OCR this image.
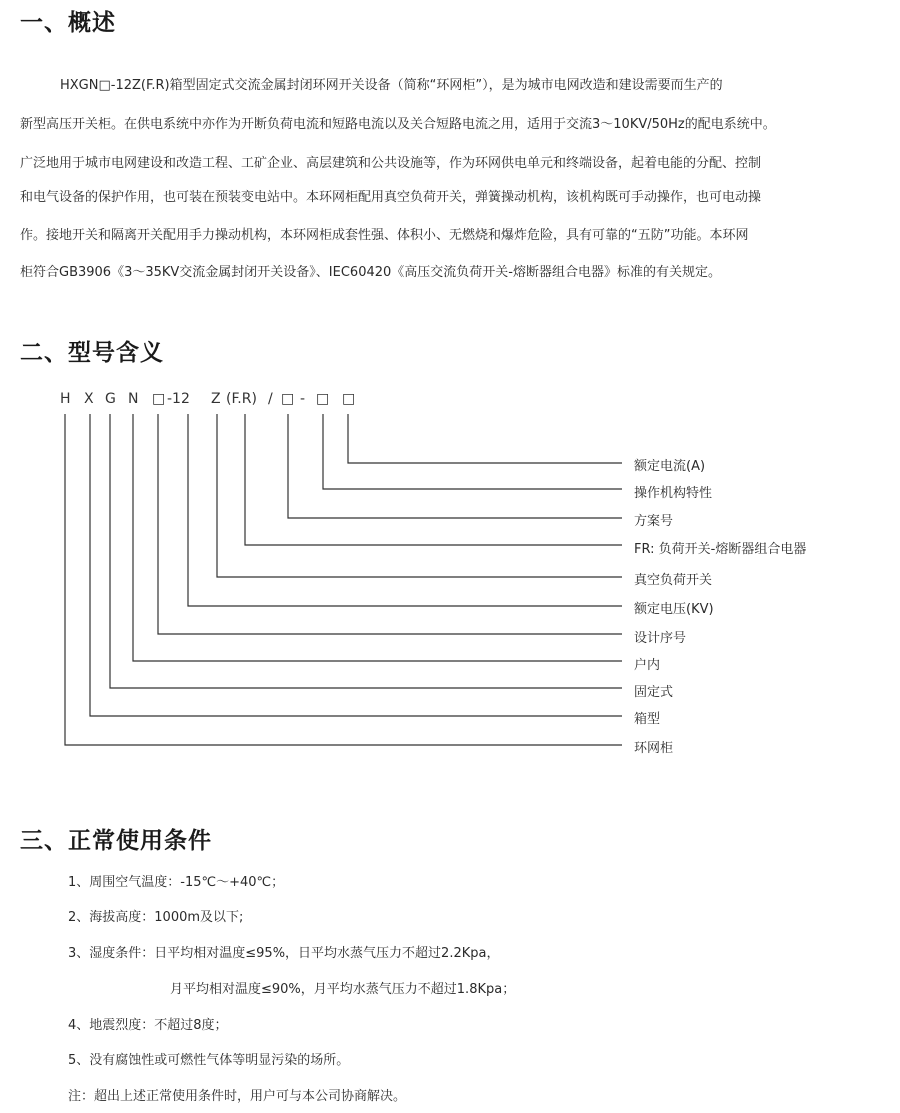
一、概述
HXGN□-12Z(F.R)箱型固定式交流金属封闭环网开关设备（简称“环网柜”），是为城市电网改造和建设需要而生产的
新型高压开关柜。在供电系统中亦作为开断负荷电流和短路电流以及关合短路电流之用，适用于交流3～10KV/50Hz的配电系统中。
广泛地用于城市电网建设和改造工程、工矿企业、高层建筑和公共设施等，作为环网供电单元和终端设备，起着电能的分配、控制
和电气设备的保护作用，也可装在预装变电站中。本环网柜配用真空负荷开关，弹簧操动机构，该机构既可手动操作，也可电动操
作。接地开关和隔离开关配用手力操动机构，本环网柜成套性强、体积小、无燃烧和爆炸危险，具有可靠的“五防”功能。本环网
柜符合GB3906《3～35KV交流金属封闭开关设备》、IEC60420《高压交流负荷开关-熔断器组合电器》标准的有关规定。
二、型号含义
H X G N □ -12 Z (F.R) / □ - □ □
额定电流(A)
操作机构特性
方案号
FR: 负荷开关-熔断器组合电器
真空负荷开关
额定电压(KV)
设计序号
户内
固定式
箱型
环网柜
三、正常使用条件
1、周围空气温度：-15℃～+40℃；
2、海拔高度：1000m及以下;
3、湿度条件：日平均相对温度≤95%，日平均水蒸气压力不超过2.2Kpa，
月平均相对温度≤90%，月平均水蒸气压力不超过1.8Kpa；
4、地震烈度：不超过8度；
5、没有腐蚀性或可燃性气体等明显污染的场所。
注：超出上述正常使用条件时，用户可与本公司协商解决。
